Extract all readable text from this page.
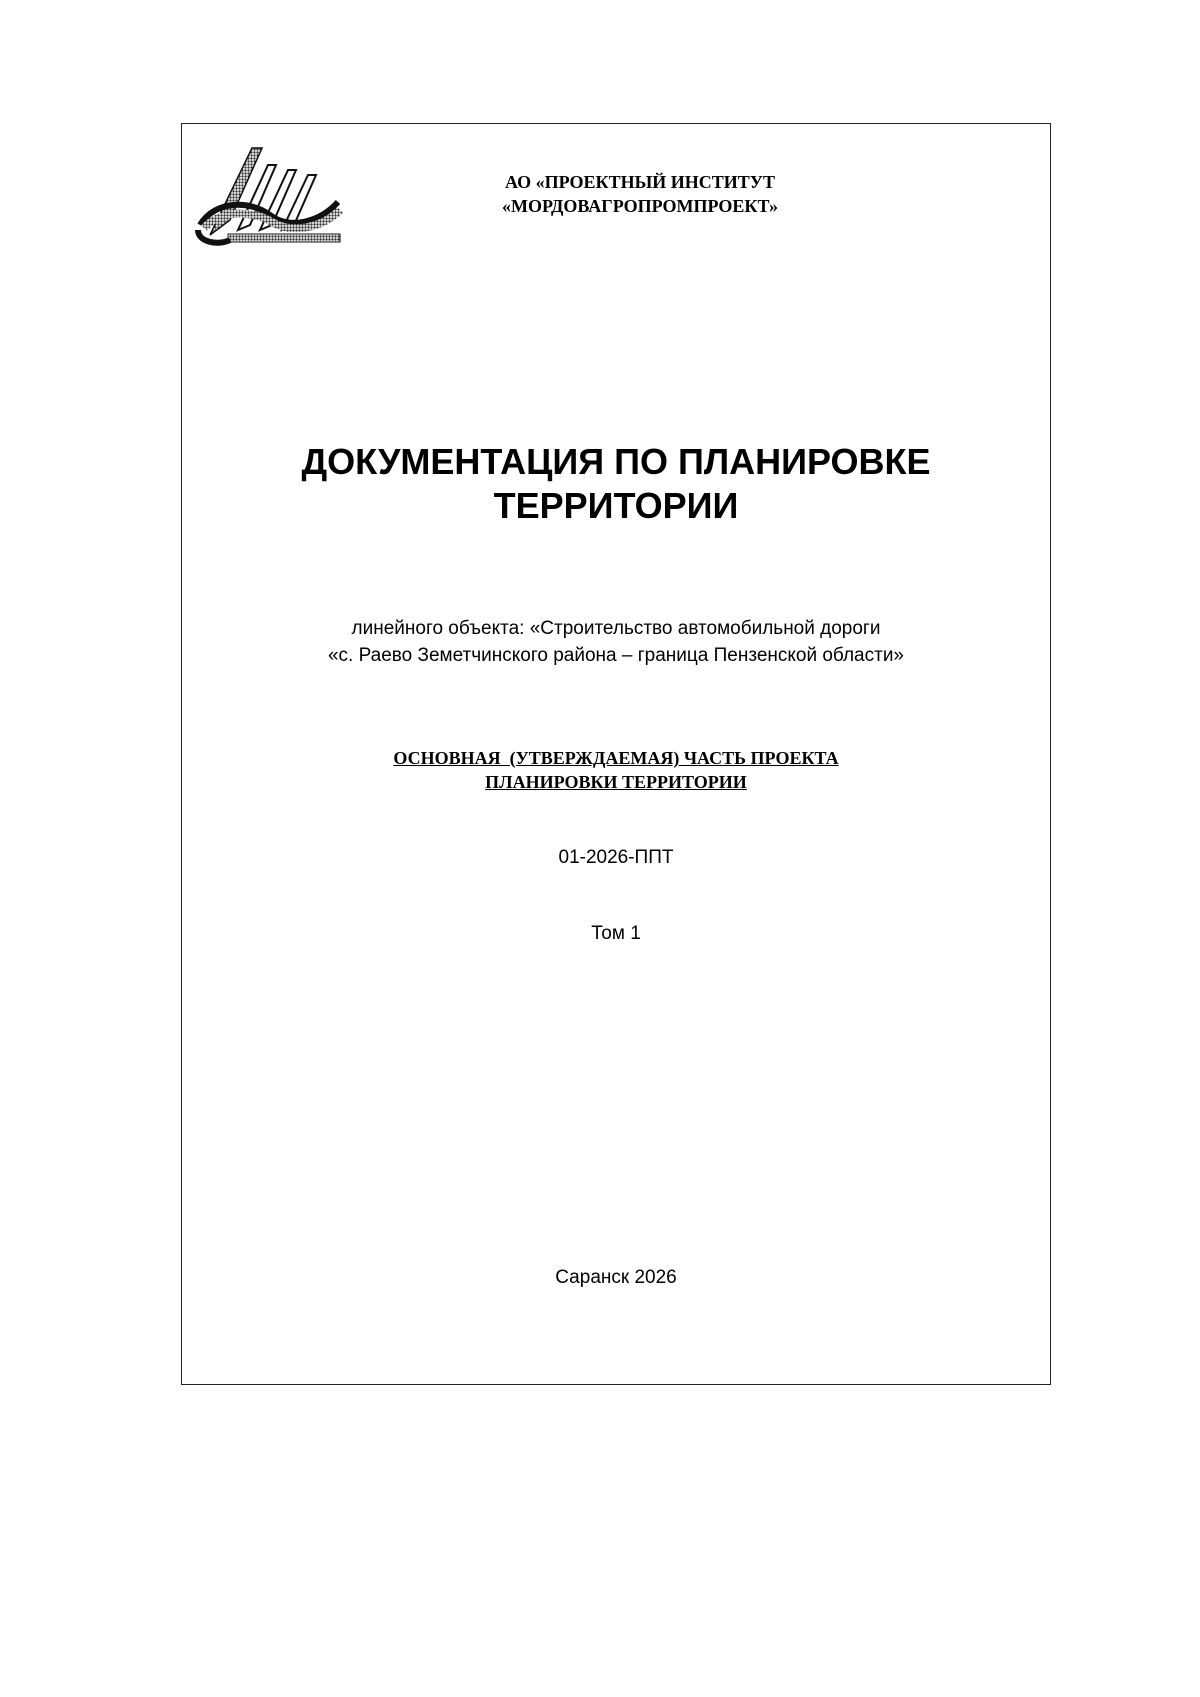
АО «ПРОЕКТНЫЙ ИНСТИТУТ
«МОРДОВАГРОПРОМПРОЕКТ»
ДОКУМЕНТАЦИЯ ПО ПЛАНИРОВКЕ
ТЕРРИТОРИИ
линейного объекта: «Строительство автомобильной дороги
«с. Раево Земетчинского района – граница Пензенской области»
ОСНОВНАЯ  (УТВЕРЖДАЕМАЯ) ЧАСТЬ ПРОЕКТА
ПЛАНИРОВКИ ТЕРРИТОРИИ
01-2026-ППТ
Том 1
Саранск 2026
